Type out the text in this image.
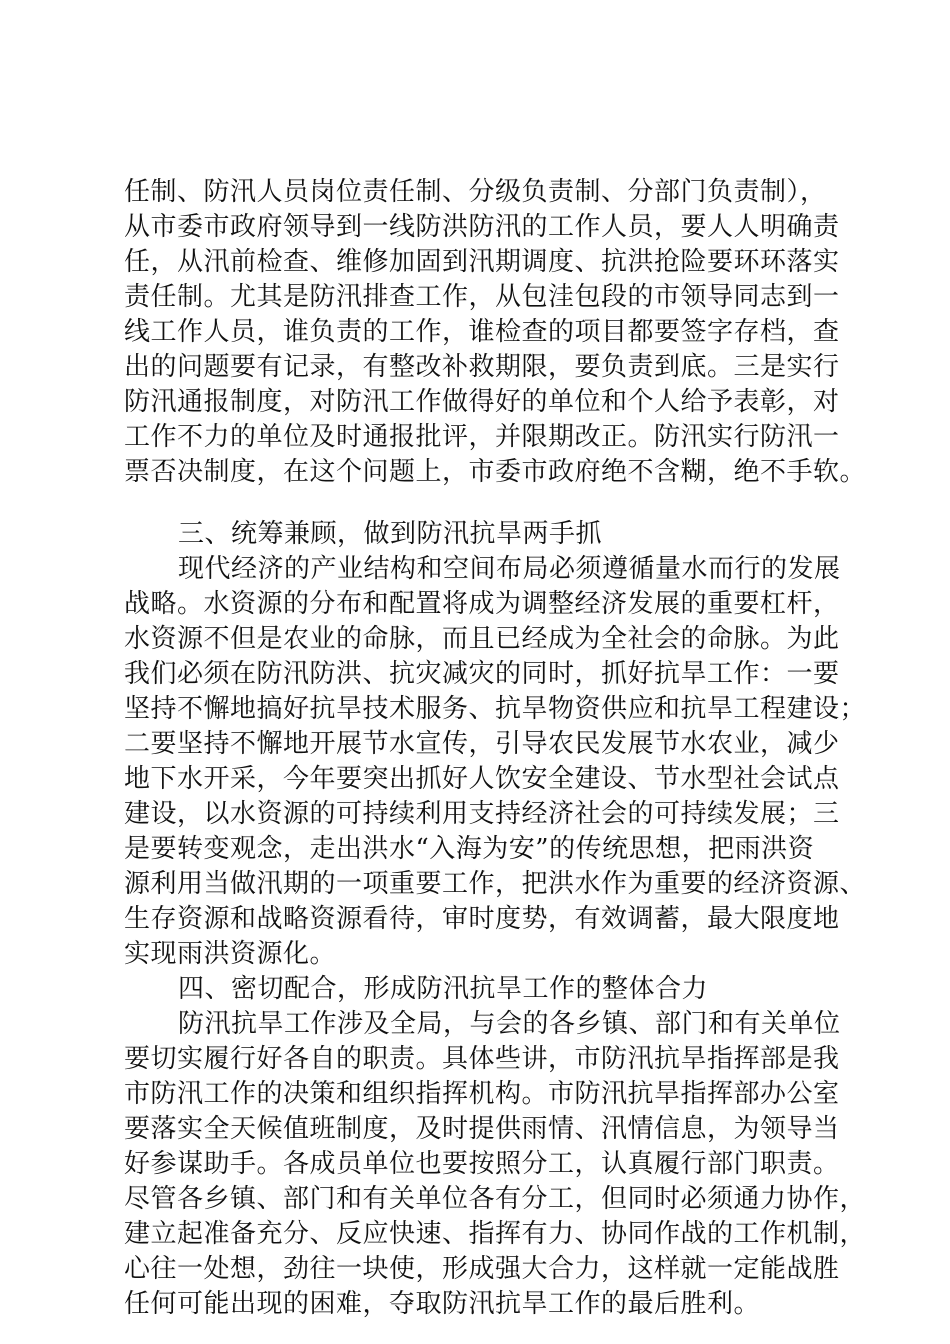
任制、防汛人员岗位责任制、分级负责制、分部门负责制），
从市委市政府领导到一线防洪防汛的工作人员，要人人明确责
任，从汛前检查、维修加固到汛期调度、抗洪抢险要环环落实
责任制。尤其是防汛排查工作，从包洼包段的市领导同志到一
线工作人员，谁负责的工作，谁检查的项目都要签字存档，查
出的问题要有记录，有整改补救期限，要负责到底。三是实行
防汛通报制度，对防汛工作做得好的单位和个人给予表彰，对
工作不力的单位及时通报批评，并限期改正。防汛实行防汛一
票否决制度，在这个问题上，市委市政府绝不含糊，绝不手软。
三、统筹兼顾，做到防汛抗旱两手抓
现代经济的产业结构和空间布局必须遵循量水而行的发展
战略。水资源的分布和配置将成为调整经济发展的重要杠杆，
水资源不但是农业的命脉，而且已经成为全社会的命脉。为此
我们必须在防汛防洪、抗灾减灾的同时，抓好抗旱工作：一要
坚持不懈地搞好抗旱技术服务、抗旱物资供应和抗旱工程建设；
二要坚持不懈地开展节水宣传，引导农民发展节水农业，减少
地下水开采，今年要突出抓好人饮安全建设、节水型社会试点
建设，以水资源的可持续利用支持经济社会的可持续发展；三
是要转变观念，走出洪水“入海为安”的传统思想，把雨洪资
源利用当做汛期的一项重要工作，把洪水作为重要的经济资源、
生存资源和战略资源看待，审时度势，有效调蓄，最大限度地
实现雨洪资源化。
四、密切配合，形成防汛抗旱工作的整体合力
防汛抗旱工作涉及全局，与会的各乡镇、部门和有关单位
要切实履行好各自的职责。具体些讲，市防汛抗旱指挥部是我
市防汛工作的决策和组织指挥机构。市防汛抗旱指挥部办公室
要落实全天候值班制度，及时提供雨情、汛情信息，为领导当
好参谋助手。各成员单位也要按照分工，认真履行部门职责。
尽管各乡镇、部门和有关单位各有分工，但同时必须通力协作，
建立起准备充分、反应快速、指挥有力、协同作战的工作机制，
心往一处想，劲往一块使，形成强大合力，这样就一定能战胜
任何可能出现的困难，夺取防汛抗旱工作的最后胜利。
